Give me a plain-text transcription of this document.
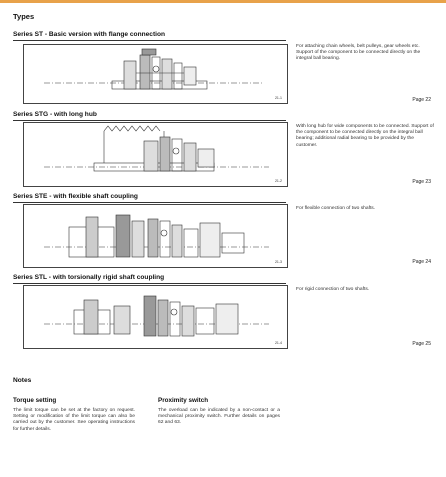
Types
Series ST - Basic version with flange connection
21-1
For attaching chain wheels, belt pulleys, gear wheels etc. Support of the component to be connected directly on the integral ball bearing.
Page 22
Series STG - with long hub
21-2
With long hub for wide components to be connected. Support of the component to be connected directly on the integral ball bearing; additional radial bearing to be provided by the customer.
Page 23
Series STE - with flexible shaft coupling
21-3
For flexible connection of two shafts.
Page 24
Series STL - with torsionally rigid shaft coupling
21-4
For rigid connection of two shafts.
Page 25
Notes
Torque setting
The limit torque can be set at the factory on request. Setting or modification of the limit torque can also be carried out by the customer. See operating instructions for further details.
Proximity switch
The overload can be indicated by a non-contact or a mechanical proximity switch. Further details on pages 62 and 63.
